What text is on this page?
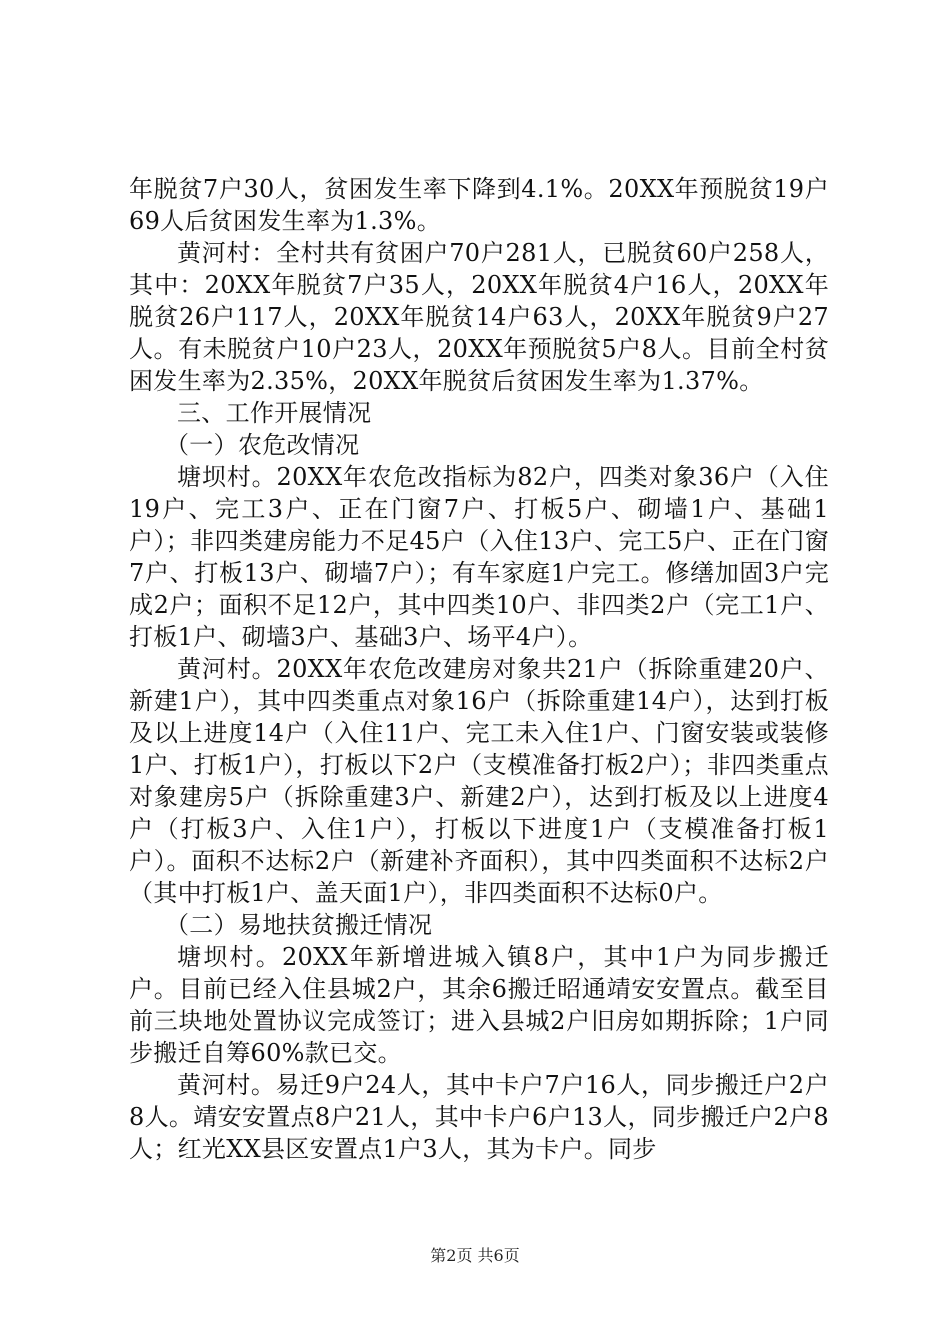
年脱贫7户30人，贫困发生率下降到4.1%。20XX年预脱贫19户69人后贫困发生率为1.3%。

黄河村：全村共有贫困户70户281人，已脱贫60户258人，其中：20XX年脱贫7户35人，20XX年脱贫4户16人，20XX年脱贫26户117人，20XX年脱贫14户63人，20XX年脱贫9户27人。有未脱贫户10户23人，20XX年预脱贫5户8人。目前全村贫困发生率为2.35%，20XX年脱贫后贫困发生率为1.37%。

三、工作开展情况

（一）农危改情况

塘坝村。20XX年农危改指标为82户，四类对象36户（入住19户、完工3户、正在门窗7户、打板5户、砌墙1户、基础1户）；非四类建房能力不足45户（入住13户、完工5户、正在门窗7户、打板13户、砌墙7户）；有车家庭1户完工。修缮加固3户完成2户；面积不足12户，其中四类10户、非四类2户（完工1户、打板1户、砌墙3户、基础3户、场平4户）。

黄河村。20XX年农危改建房对象共21户（拆除重建20户、新建1户），其中四类重点对象16户（拆除重建14户），达到打板及以上进度14户（入住11户、完工未入住1户、门窗安装或装修1户、打板1户），打板以下2户（支模准备打板2户）；非四类重点对象建房5户（拆除重建3户、新建2户），达到打板及以上进度4户（打板3户、入住1户），打板以下进度1户（支模准备打板1户）。面积不达标2户（新建补齐面积），其中四类面积不达标2户（其中打板1户、盖天面1户），非四类面积不达标0户。

（二）易地扶贫搬迁情况

塘坝村。20XX年新增进城入镇8户，其中1户为同步搬迁户。目前已经入住县城2户，其余6搬迁昭通靖安安置点。截至目前三块地处置协议完成签订；进入县城2户旧房如期拆除；1户同步搬迁自筹60%款已交。

黄河村。易迁9户24人，其中卡户7户16人，同步搬迁户2户8人。靖安安置点8户21人，其中卡户6户13人，同步搬迁户2户8人；红光XX县区安置点1户3人，其为卡户。同步

第2页 共6页
